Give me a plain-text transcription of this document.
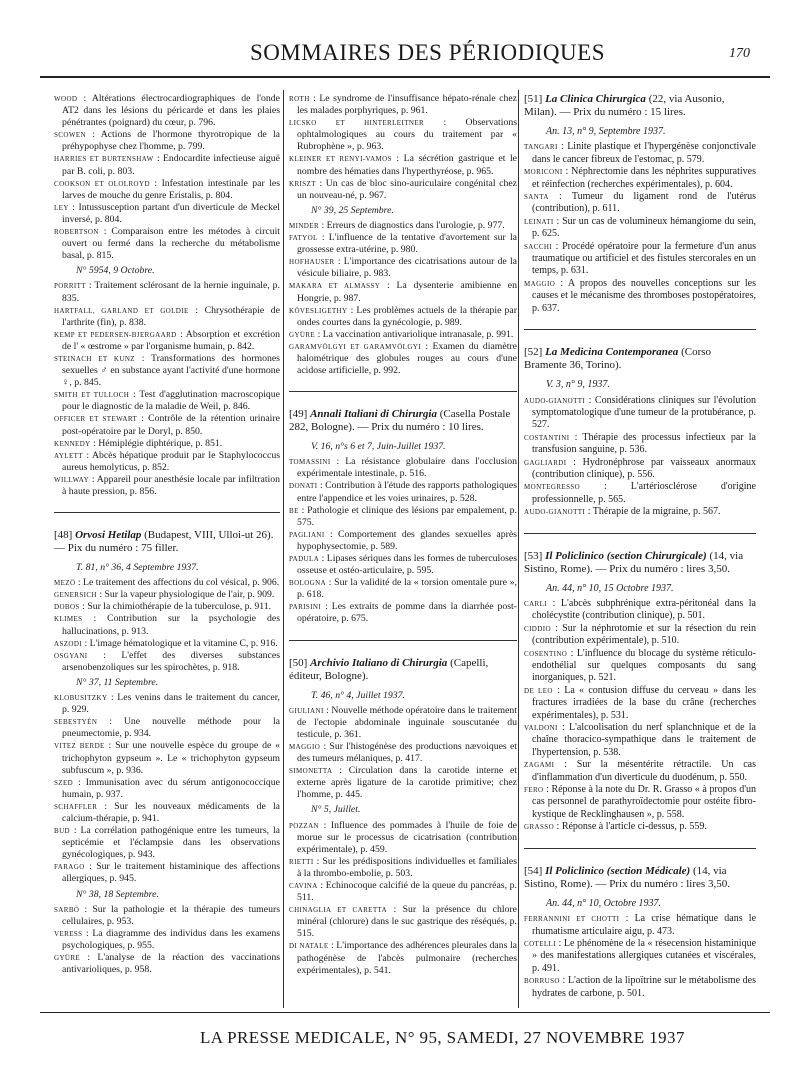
SOMMAIRES DES PÉRIODIQUES	170

WOOD : Altérations électrocardiographiques de l'onde AT2 dans les lésions du péricarde et dans les plaies pénétrantes (poignard) du cœur, p. 796.

SCOWEN : Actions de l'hormone thyrotropique de la préhypophyse chez l'homme, p. 799.

HARRIES ET BURTENSHAW : Endocardite infectieuse aiguë par B. coli, p. 803.

COOKSON ET OLOLROYD : Infestation intestinale par les larves de mouche du genre Eristalis, p. 804.

LEY : Intussusception partant d'un diverticule de Meckel inversé, p. 804.

ROBERTSON : Comparaison entre les métodes à circuit ouvert ou fermé dans la recherche du métabolisme basal, p. 815.

N° 5954, 9 Octobre.

PORRITT : Traitement sclérosant de la hernie inguinale, p. 835.

HARTFALL, GARLAND ET GOLDIE : Chrysothérapie de l'arthrite (fin), p. 838.

KEMP ET PEDERSEN-BJERGAARD : Absorption et excrétion de l' « œstrome » par l'organisme humain, p. 842.

STEINACH ET KUNZ : Transformations des hormones sexuelles ♂ en substance ayant l'activité d'une hormone ♀, p. 845.

SMITH ET TULLOCH : Test d'agglutination macroscopique pour le diagnostic de la maladie de Weil, p. 846.

OFFICER ET STEWART : Contrôle de la rétention urinaire post-opératoire par le Doryl, p. 850.

KENNEDY : Hémiplégie diphtérique, p. 851.

AYLETT : Abcès hépatique produit par le Staphylococcus aureus hemolyticus, p. 852.

WILLWAY : Appareil pour anesthésie locale par infiltration à haute pression, p. 856.

[48] Orvosi Hetilap (Budapest, VIII, Ulloi-ut 26). — Pix du numéro : 75 filler.

T. 81, n° 36, 4 Septembre 1937.

MEZÖ : Le traitement des affections du col vésical, p. 906.

GENERSICH : Sur la vapeur physiologique de l'air, p. 909.

DOBOS : Sur la chimiothérapie de la tuberculose, p. 911.

KLIMES : Contribution sur la psychologie des hallucinations, p. 913.

ASZODI : L'image hématologique et la vitamine C, p. 916.

OSGYANI : L'effet des diverses substances arsenobenzoliques sur les spirochètes, p. 918.

N° 37, 11 Septembre.

KLOBUSITZKY : Les venins dans le traitement du cancer, p. 929.

SEBESTYÉN : Une nouvelle méthode pour la pneumectomie, p. 934.

VITEZ BERDE : Sur une nouvelle espèce du groupe de « trichophyton gypseum ». Le « trichophyton gypseum subfuscum », p. 936.

SZED : Immunisation avec du sérum antigonococcique humain, p. 937.

SCHAFFLER : Sur les nouveaux médicaments de la calcium-thérapie, p. 941.

BUD : La corrélation pathogénique entre les tumeurs, la septicémie et l'éclampsie dans les observations gynécologiques, p. 943.

FARAGO : Sur le traitement histaminique des affections allergiques, p. 945.

N° 38, 18 Septembre.

SARBÓ : Sur la pathologie et la thérapie des tumeurs cellulaires, p. 953.

VERESS : La diagramme des individus dans les examens psychologiques, p. 955.

GYÜRE : L'analyse de la réaction des vaccinations antivarioliques, p. 958.

ROTH : Le syndrome de l'insuffisance hépato-rénale chez les malades porphyriques, p. 961.

LICSKO ET HINTERLEITNER : Observations ophtalmologiques au cours du traitement par « Rubrophène », p. 963.

KLEINER ET RENYI-VAMOS : La sécrétion gastrique et le nombre des hématies dans l'hyperthyréose, p. 965.

KRISZT : Un cas de bloc sino-auriculaire congénital chez un nouveau-né, p. 967.

N° 39, 25 Septembre.

MINDER : Erreurs de diagnostics dans l'urologie, p. 977.

FATYOL : L'influence de la tentative d'avortement sur la grossesse extra-utérine, p. 980.

HOFHAUSER : L'importance des cicatrisations autour de la vésicule biliaire, p. 983.

MAKARA ET ALMASSY : La dysenterie amibienne en Hongrie, p. 987.

KÖVESLIGETHY : Les problèmes actuels de la thérapie par ondes courtes dans la gynécologie, p. 989.

GYÜRE : La vaccination antivariolique intranasale, p. 991.

GARAMVÖLGYI ET GARAMVÖLGYI : Examen du diamètre halométrique des globules rouges au cours d'une acidose artificielle, p. 992.

[49] Annali Italiani di Chirurgia (Casella Postale 282, Bologne). — Prix du numéro : 10 lires.

V. 16, n°s 6 et 7, Juin-Juillet 1937.

TOMASSINI : La résistance globulaire dans l'occlusion expérimentale intestinale, p. 516.

DONATI : Contribution à l'étude des rapports pathologiques entre l'appendice et les voies urinaires, p. 528.

BE : Pathologie et clinique des lésions par empalement, p. 575.

PAGLIANI : Comportement des glandes sexuelles après hypophysectomie, p. 589.

PADULA : Lipases sériques dans les formes de tuberculoses osseuse et ostéo-articulaire, p. 595.

BOLOGNA : Sur la validité de la « torsion omentale pure », p. 618.

PARISINI : Les extraits de pomme dans la diarrhée post-opératoire, p. 675.

[50] Archivio Italiano di Chirurgia (Capelli, éditeur, Bologne).

T. 46, n° 4, Juillet 1937.

GIULIANI : Nouvelle méthode opératoire dans le traitement de l'ectopie abdominale inguinale souscutanée du testicule, p. 361.

MAGGIO : Sur l'histogénèse des productions nævoiques et des tumeurs mélaniques, p. 417.

SIMONETTA : Circulation dans la carotide interne et externe après ligature de la carotide primitive; chez l'homme, p. 445.

N° 5, Juillet.

POZZAN : Influence des pommades à l'huile de foie de morue sur le processus de cicatrisation (contribution expérimentale), p. 459.

RIETTI : Sur les prédispositions individuelles et familiales à la thrombo-embolie, p. 503.

CAVINA : Echinocoque calcifié de la queue du pancréas, p. 511.

CHINAGLIA ET CARETTA : Sur la présence du chlore minéral (chlorure) dans le suc gastrique des réséqués, p. 515.

DI NATALE : L'importance des adhérences pleurales dans la pathogénèse de l'abcès pulmonaire (recherches expérimentales), p. 541.

[51] La Clinica Chirurgica (22, via Ausonio, Milan). — Prix du numéro : 15 lires.

An. 13, n° 9, Septembre 1937.

TANGARI : Linite plastique et l'hypergénèse conjonctivale dans le cancer fibreux de l'estomac, p. 579.

MORICONI : Néphrectomie dans les néphrites suppuratives et réinfection (recherches expérimentales), p. 604.

SANTA : Tumeur du ligament rond de l'utérus (contribution), p. 611.

LEINATI : Sur un cas de volumineux hémangiome du sein, p. 625.

SACCHI : Procédé opératoire pour la fermeture d'un anus traumatique ou artificiel et des fistules stercorales en un temps, p. 631.

MAGGIO : A propos des nouvelles conceptions sur les causes et le mécanisme des thromboses postopératoires, p. 637.

[52] La Medicina Contemporanea (Corso Bramente 36, Torino).

V. 3, n° 9, 1937.

AUDO-GIANOTTI : Considérations cliniques sur l'évolution symptomatologique d'une tumeur de la protubérance, p. 527.

COSTANTINI : Thérapie des processus infectieux par la transfusion sanguine, p. 536.

GAGLIARDI : Hydronéphrose par vaisseaux anormaux (contribution clinique), p. 556.

MONTEGRESSO : L'artériosclérose d'origine professionnelle, p. 565.

AUDO-GIANOTTI : Thérapie de la migraine, p. 567.

[53] Il Policlinico (section Chirurgicale) (14, via Sistino, Rome). — Prix du numéro : lires 3,50.

An. 44, n° 10, 15 Octobre 1937.

CARLI : L'abcès subphrénique extra-péritonéal dans la cholécystite (contribution clinique), p. 501.

CIDDIO : Sur la néphrotomie et sur la résection du rein (contribution expérimentale), p. 510.

COSENTINO : L'influence du blocage du système réticulo-endothélial sur quelques composants du sang inorganiques, p. 521.

DE LEO : La « contusion diffuse du cerveau » dans les fractures irradiées de la base du crâne (recherches expérimentales), p. 531.

VALDONI : L'alcoolisation du nerf splanchnique et de la chaîne thoracico-sympathique dans le traitement de l'hypertension, p. 538.

ZAGAMI : Sur la mésentérite rétractile. Un cas d'inflammation d'un diverticule du duodénum, p. 550.

FERO : Réponse à la note du Dr. R. Grasso « à propos d'un cas personnel de parathyroïdectomie pour ostéite fibro-kystique de Recklinghausen », p. 558.

GRASSO : Réponse à l'article ci-dessus, p. 559.

[54] Il Policlinico (section Médicale) (14, via Sistino, Rome). — Prix du numéro : lires 3,50.

An. 44, n° 10, Octobre 1937.

FERRANNINI ET CHOTTI : La crise hématique dans le rhumatisme articulaire aigu, p. 473.

COTELLI : Le phénomène de la « résecension histaminique » des manifestations allergiques cutanées et viscérales, p. 491.

BORRUSO : L'action de la lipoïtrine sur le métabolisme des hydrates de carbone, p. 501.

LA PRESSE MEDICALE, N° 95, SAMEDI, 27 NOVEMBRE 1937
